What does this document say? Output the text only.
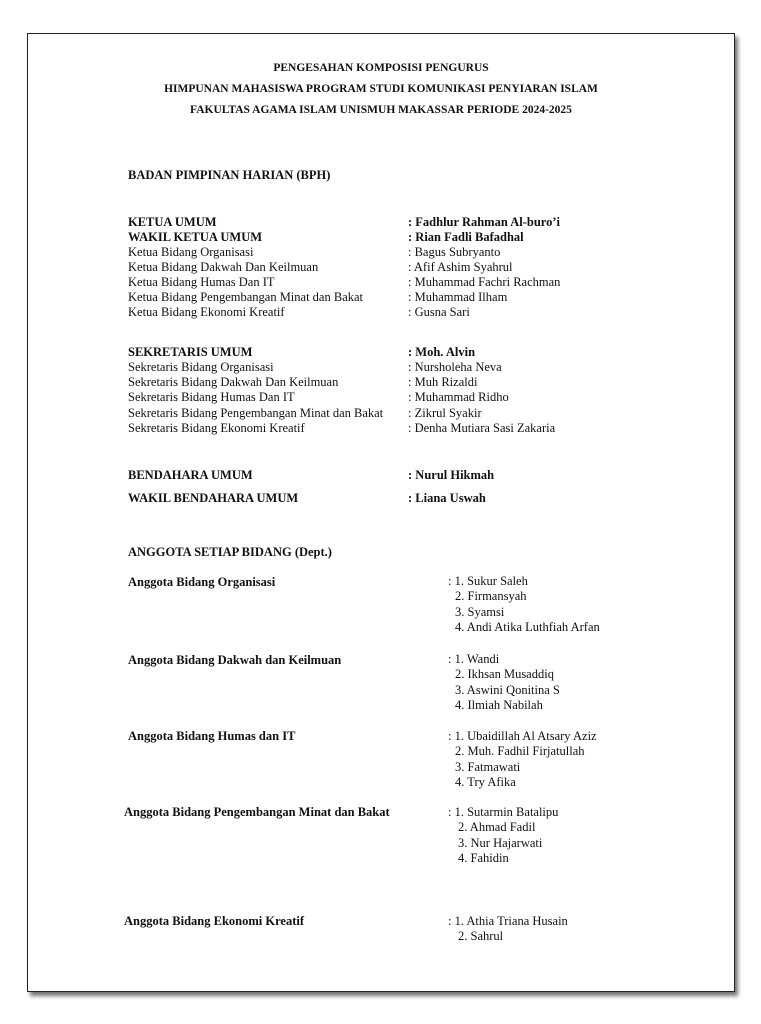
PENGESAHAN KOMPOSISI PENGURUS
HIMPUNAN MAHASISWA PROGRAM STUDI KOMUNIKASI PENYIARAN ISLAM
FAKULTAS AGAMA ISLAM UNISMUH MAKASSAR PERIODE 2024-2025
BADAN PIMPINAN HARIAN (BPH)
KETUA UMUM	: Fadhlur Rahman Al-buro’i
WAKIL KETUA UMUM	: Rian Fadli Bafadhal
Ketua Bidang Organisasi	: Bagus Subryanto
Ketua Bidang Dakwah Dan Keilmuan	: Afif Ashim Syahrul
Ketua Bidang Humas Dan IT	: Muhammad Fachri Rachman
Ketua Bidang Pengembangan Minat dan Bakat	: Muhammad Ilham
Ketua Bidang Ekonomi Kreatif	: Gusna Sari
SEKRETARIS UMUM	: Moh. Alvin
Sekretaris Bidang Organisasi	: Nursholeha Neva
Sekretaris Bidang Dakwah Dan Keilmuan	: Muh Rizaldi
Sekretaris Bidang Humas Dan IT	: Muhammad Ridho
Sekretaris Bidang Pengembangan Minat dan Bakat : Zikrul Syakir
Sekretaris Bidang Ekonomi Kreatif	: Denha Mutiara Sasi Zakaria
BENDAHARA UMUM	: Nurul Hikmah
WAKIL BENDAHARA UMUM	: Liana Uswah
ANGGOTA SETIAP BIDANG (Dept.)
Anggota Bidang Organisasi	: 1. Sukur Saleh
2. Firmansyah
3. Syamsi
4. Andi Atika Luthfiah Arfan
Anggota Bidang Dakwah dan Keilmuan	: 1. Wandi
2. Ikhsan Musaddiq
3. Aswini Qonitina S
4. Ilmiah Nabilah
Anggota Bidang Humas dan IT	: 1. Ubaidillah Al Atsary Aziz
2. Muh. Fadhil Firjatullah
3. Fatmawati
4. Try Afika
Anggota Bidang Pengembangan Minat dan Bakat	: 1. Sutarmin Batalipu
2. Ahmad Fadil
3. Nur Hajarwati
4. Fahidin
Anggota Bidang Ekonomi Kreatif	: 1. Athia Triana Husain
2. Sahrul
